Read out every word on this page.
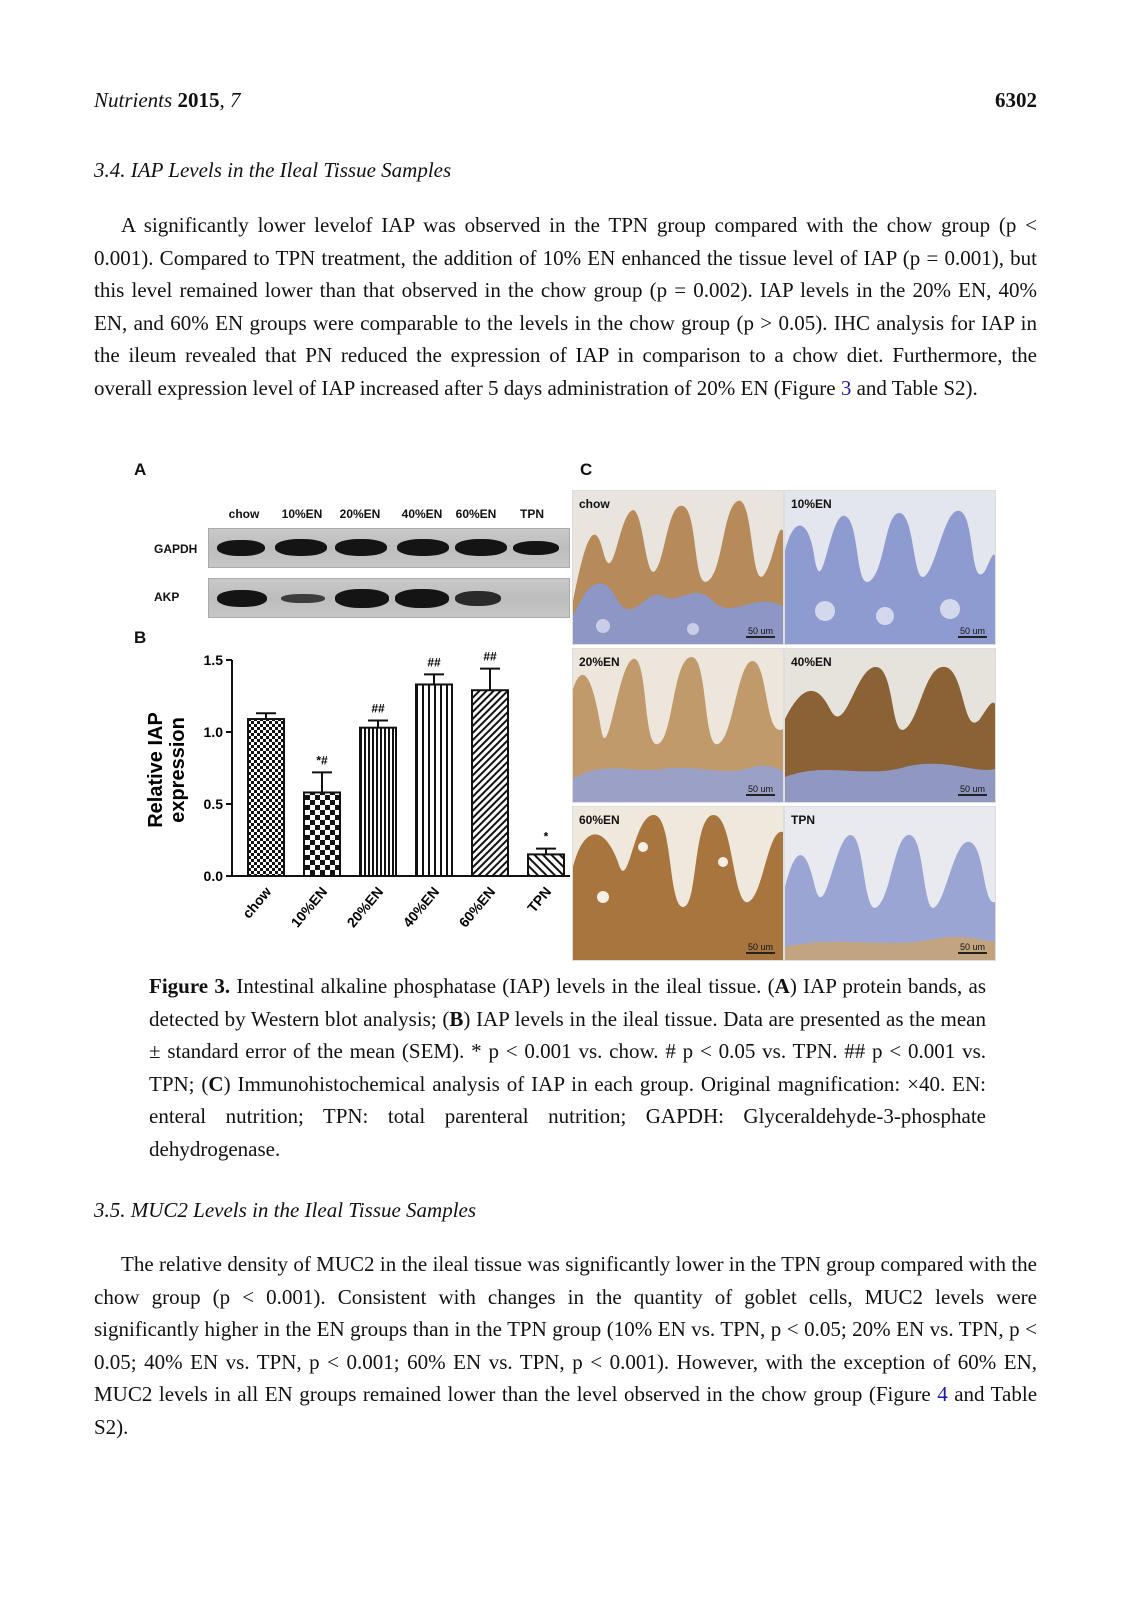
Nutrients 2015, 7	6302
3.4. IAP Levels in the Ileal Tissue Samples

A significantly lower levelof IAP was observed in the TPN group compared with the chow group (p < 0.001). Compared to TPN treatment, the addition of 10% EN enhanced the tissue level of IAP (p = 0.001), but this level remained lower than that observed in the chow group (p = 0.002). IAP levels in the 20% EN, 40% EN, and 60% EN groups were comparable to the levels in the chow group (p > 0.05). IHC analysis for IAP in the ileum revealed that PN reduced the expression of IAP in comparison to a chow diet. Furthermore, the overall expression level of IAP increased after 5 days administration of 20% EN (Figure 3 and Table S2).

A
B
C
chow	10%EN	20%EN	40%EN	60%EN	TPN
GAPDH
AKP
Relative IAP expression
0.0
0.5
1.0
1.5
*#
##
##	##
*
chow 10%EN 20%EN 40%EN 60%EN TPN
chow
50 um
10%EN
50 um
20%EN
50 um
40%EN
50 um
60%EN
50 um
TPN
50 um

Figure 3. Intestinal alkaline phosphatase (IAP) levels in the ileal tissue. (A) IAP protein bands, as detected by Western blot analysis; (B) IAP levels in the ileal tissue. Data are presented as the mean ± standard error of the mean (SEM). * p < 0.001 vs. chow. # p < 0.05 vs. TPN. ## p < 0.001 vs. TPN; (C) Immunohistochemical analysis of IAP in each group. Original magnification: ×40. EN: enteral nutrition; TPN: total parenteral nutrition; GAPDH: Glyceraldehyde-3-phosphate dehydrogenase.

3.5. MUC2 Levels in the Ileal Tissue Samples

The relative density of MUC2 in the ileal tissue was significantly lower in the TPN group compared with the chow group (p < 0.001). Consistent with changes in the quantity of goblet cells, MUC2 levels were significantly higher in the EN groups than in the TPN group (10% EN vs. TPN, p < 0.05; 20% EN vs. TPN, p < 0.05; 40% EN vs. TPN, p < 0.001; 60% EN vs. TPN, p < 0.001). However, with the exception of 60% EN, MUC2 levels in all EN groups remained lower than the level observed in the chow group (Figure 4 and Table S2).
